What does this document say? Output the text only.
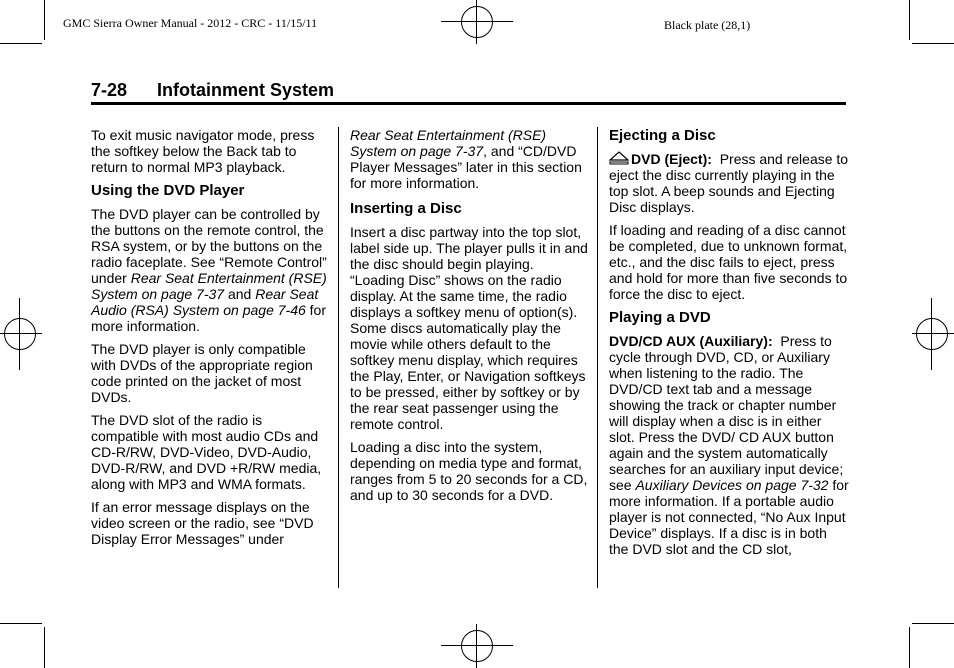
GMC Sierra Owner Manual - 2012 - CRC - 11/15/11	Black plate (28,1)
7-28 Infotainment System

To exit music navigator mode, press the softkey below the Back tab to return to normal MP3 playback.

Using the DVD Player

The DVD player can be controlled by the buttons on the remote control, the RSA system, or by the buttons on the radio faceplate. See “Remote Control” under Rear Seat Entertainment (RSE) System on page 7-37 and Rear Seat Audio (RSA) System on page 7-46 for more information.

The DVD player is only compatible with DVDs of the appropriate region code printed on the jacket of most DVDs.

The DVD slot of the radio is compatible with most audio CDs and CD-R/RW, DVD-Video, DVD-Audio, DVD-R/RW, and DVD +R/RW media, along with MP3 and WMA formats.

If an error message displays on the video screen or the radio, see “DVD Display Error Messages” under

Rear Seat Entertainment (RSE) System on page 7-37, and “CD/DVD Player Messages” later in this section for more information.

Inserting a Disc

Insert a disc partway into the top slot, label side up. The player pulls it in and the disc should begin playing. “Loading Disc” shows on the radio display. At the same time, the radio displays a softkey menu of option(s). Some discs automatically play the movie while others default to the softkey menu display, which requires the Play, Enter, or Navigation softkeys to be pressed, either by softkey or by the rear seat passenger using the remote control.

Loading a disc into the system, depending on media type and format, ranges from 5 to 20 seconds for a CD, and up to 30 seconds for a DVD.

Ejecting a Disc

DVD (Eject): Press and release to eject the disc currently playing in the top slot. A beep sounds and Ejecting Disc displays.

If loading and reading of a disc cannot be completed, due to unknown format, etc., and the disc fails to eject, press and hold for more than five seconds to force the disc to eject.

Playing a DVD

DVD/CD AUX (Auxiliary): Press to cycle through DVD, CD, or Auxiliary when listening to the radio. The DVD/CD text tab and a message showing the track or chapter number will display when a disc is in either slot. Press the DVD/ CD AUX button again and the system automatically searches for an auxiliary input device; see Auxiliary Devices on page 7-32 for more information. If a portable audio player is not connected, “No Aux Input Device” displays. If a disc is in both the DVD slot and the CD slot,
